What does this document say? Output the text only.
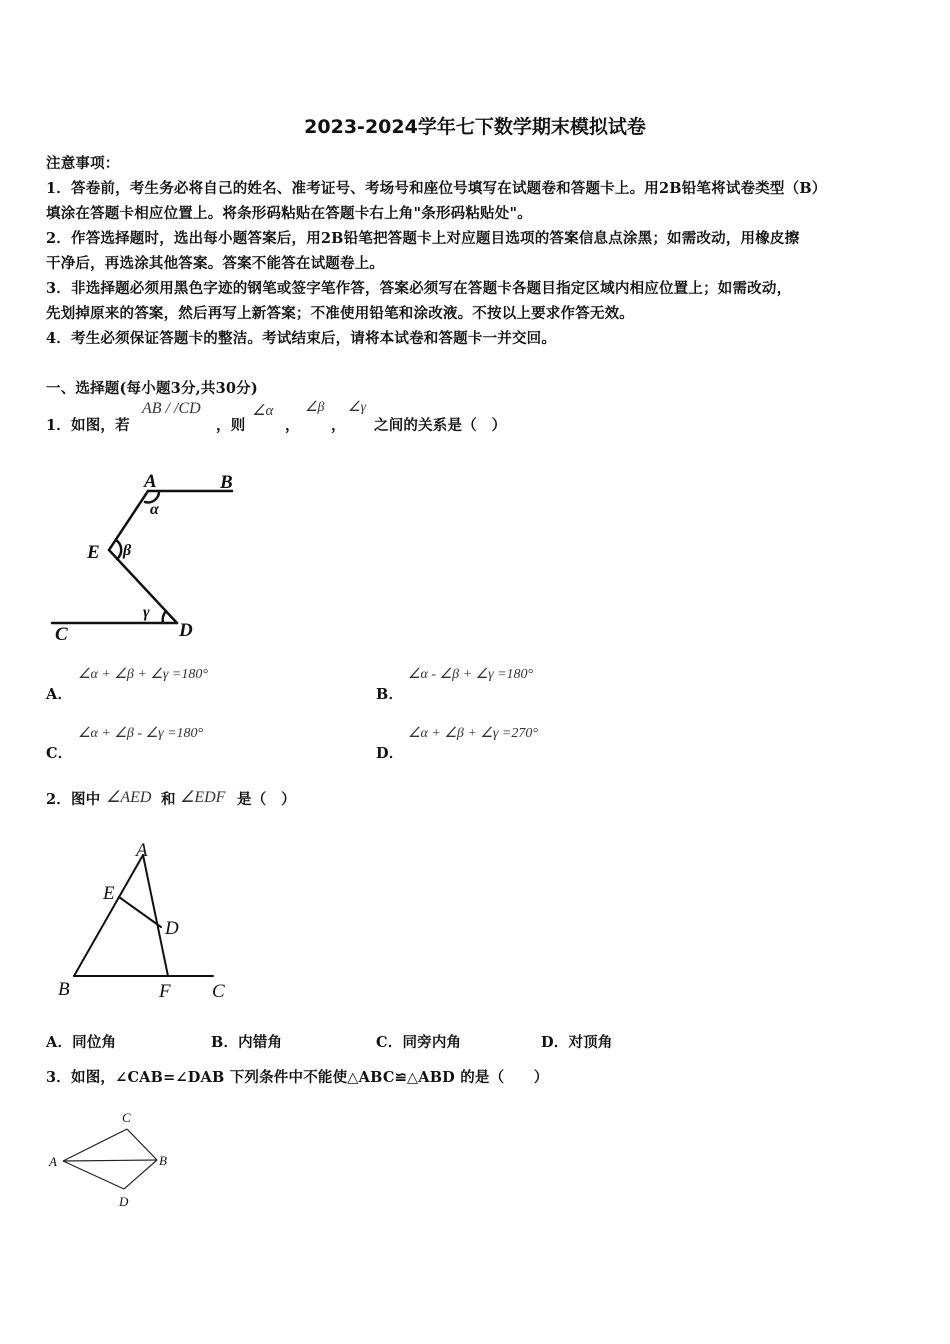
2023-2024学年七下数学期末模拟试卷
注意事项：
1．答卷前，考生务必将自己的姓名、准考证号、考场号和座位号填写在试题卷和答题卡上。用2B铅笔将试卷类型（B）
填涂在答题卡相应位置上。将条形码粘贴在答题卡右上角"条形码粘贴处"。
2．作答选择题时，选出每小题答案后，用2B铅笔把答题卡上对应题目选项的答案信息点涂黑；如需改动，用橡皮擦
干净后，再选涂其他答案。答案不能答在试题卷上。
3．非选择题必须用黑色字迹的钢笔或签字笔作答，答案必须写在答题卡各题目指定区域内相应位置上；如需改动，
先划掉原来的答案，然后再写上新答案；不准使用铅笔和涂改液。不按以上要求作答无效。
4．考生必须保证答题卡的整洁。考试结束后，请将本试卷和答题卡一并交回。
一、选择题(每小题3分,共30分)
1．如图，若
AB / /CD
，则
∠α
，
∠β
，
∠γ
之间的关系是（　）
A	B
E
C	D
α
β
γ
A．
∠α + ∠β + ∠γ =180°
B．
∠α - ∠β + ∠γ =180°
C．
∠α + ∠β - ∠γ =180°
D．
∠α + ∠β + ∠γ =270°
2．图中 ∠AED 和 ∠EDF 是（　）
A
E
D
B	F C
A．同位角	B．内错角	C．同旁内角	D．对顶角
3．如图，∠CAB=∠DAB 下列条件中不能使△ABC≌△ABD 的是（　　）
A	B
C
D
